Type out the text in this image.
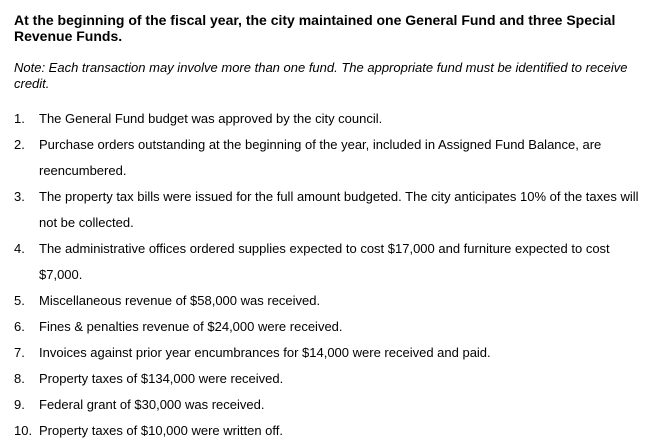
At the beginning of the fiscal year, the city maintained one General Fund and three Special Revenue Funds.

Note: Each transaction may involve more than one fund. The appropriate fund must be identified to receive credit.

1.	The General Fund budget was approved by the city council.
2.	Purchase orders outstanding at the beginning of the year, included in Assigned Fund Balance, are reencumbered.
3.	The property tax bills were issued for the full amount budgeted. The city anticipates 10% of the taxes will not be collected.
4.	The administrative offices ordered supplies expected to cost $17,000 and furniture expected to cost $7,000.
5.	Miscellaneous revenue of $58,000 was received.
6.	Fines & penalties revenue of $24,000 were received.
7.	Invoices against prior year encumbrances for $14,000 were received and paid.
8.	Property taxes of $134,000 were received.
9.	Federal grant of $30,000 was received.
10. Property taxes of $10,000 were written off.
